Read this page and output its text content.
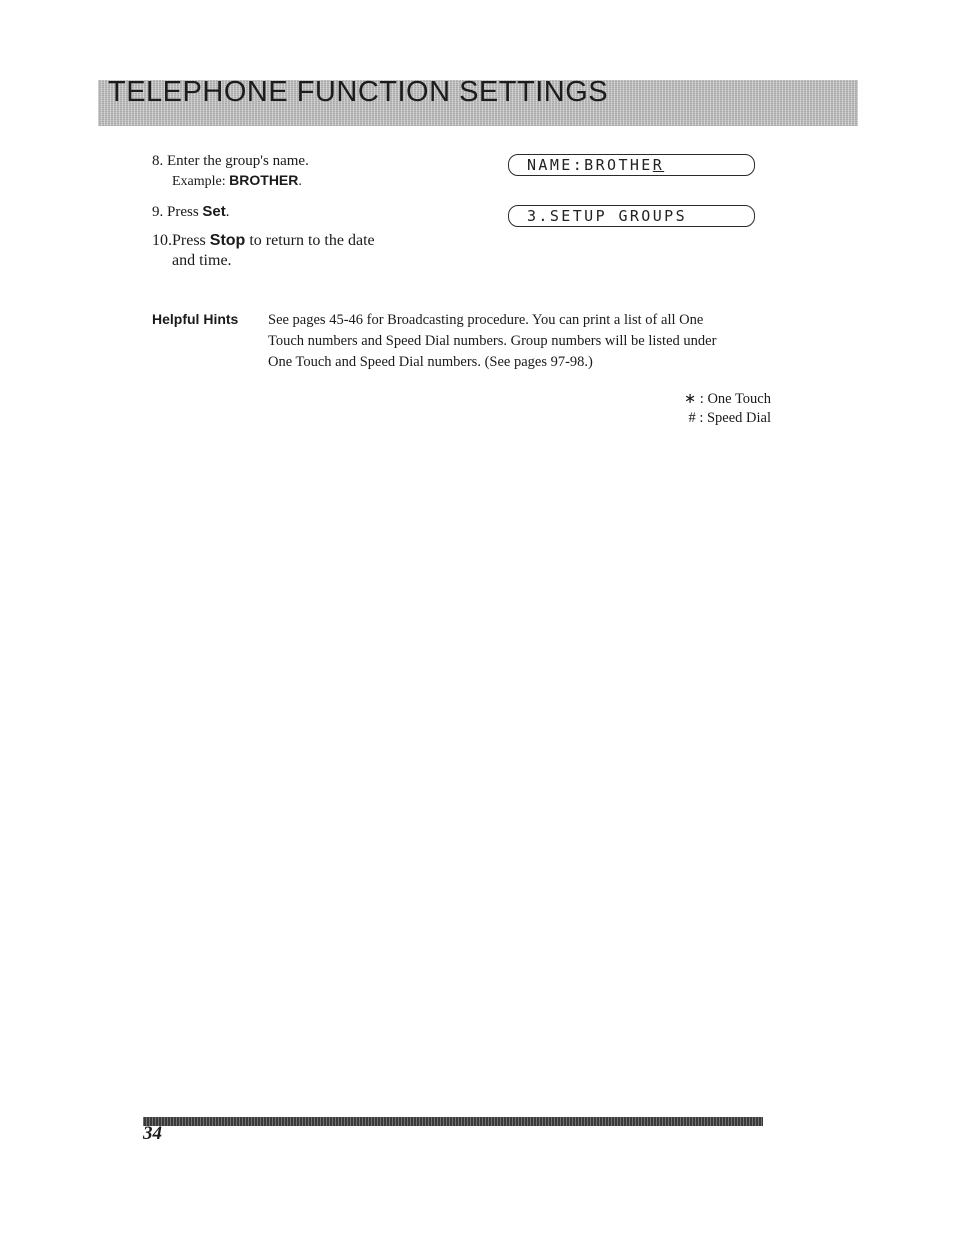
TELEPHONE FUNCTION SETTINGS
8. Enter the group's name.
Example: BROTHER.
9. Press Set.
10.Press Stop to return to the date
and time.
NAME:BROTHER
3.SETUP GROUPS
Helpful Hints See pages 45-46 for Broadcasting procedure. You can print a list of all One
Touch numbers and Speed Dial numbers. Group numbers will be listed under
One Touch and Speed Dial numbers. (See pages 97-98.)
∗ : One Touch
# : Speed Dial
34
